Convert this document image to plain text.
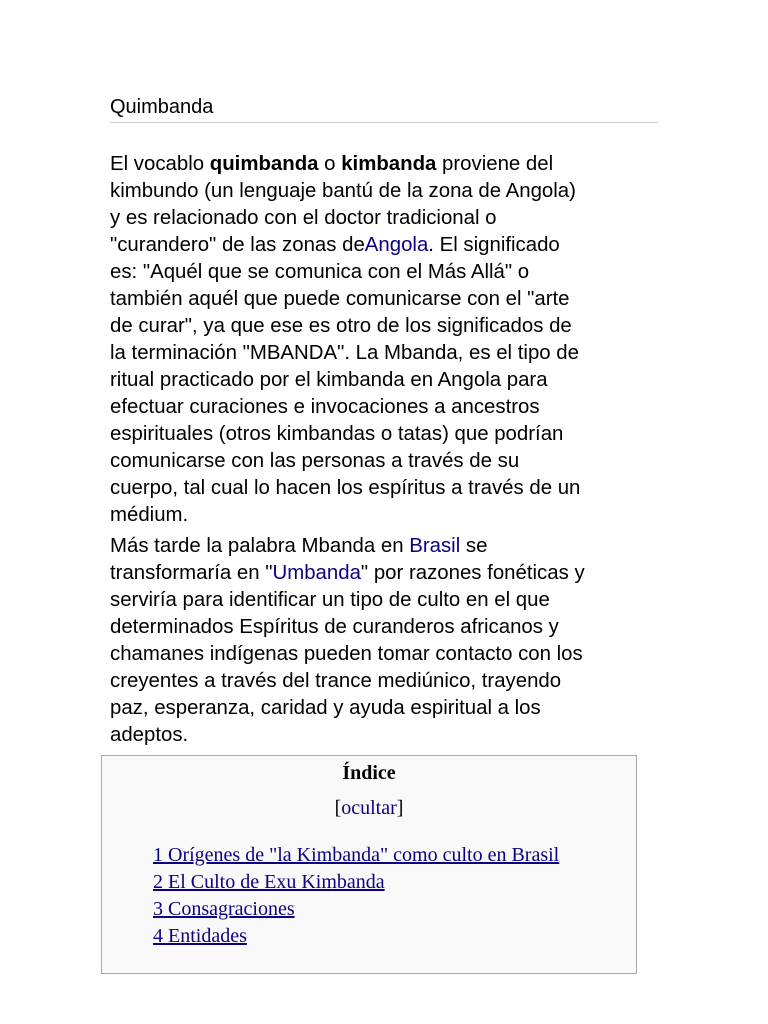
Quimbanda
El vocablo quimbanda o kimbanda proviene del
kimbundo (un lenguaje bantú de la zona de Angola)
y es relacionado con el doctor tradicional o
"curandero" de las zonas deAngola. El significado
es: "Aquél que se comunica con el Más Allá" o
también aquél que puede comunicarse con el "arte
de curar", ya que ese es otro de los significados de
la terminación "MBANDA". La Mbanda, es el tipo de
ritual practicado por el kimbanda en Angola para
efectuar curaciones e invocaciones a ancestros
espirituales (otros kimbandas o tatas) que podrían
comunicarse con las personas a través de su
cuerpo, tal cual lo hacen los espíritus a través de un
médium.
Más tarde la palabra Mbanda en Brasil se
transformaría en "Umbanda" por razones fonéticas y
serviría para identificar un tipo de culto en el que
determinados Espíritus de curanderos africanos y
chamanes indígenas pueden tomar contacto con los
creyentes a través del trance mediúnico, trayendo
paz, esperanza, caridad y ayuda espiritual a los
adeptos.
Índice
[ocultar]
1 Orígenes de "la Kimbanda" como culto en Brasil
2 El Culto de Exu Kimbanda
3 Consagraciones
4 Entidades
